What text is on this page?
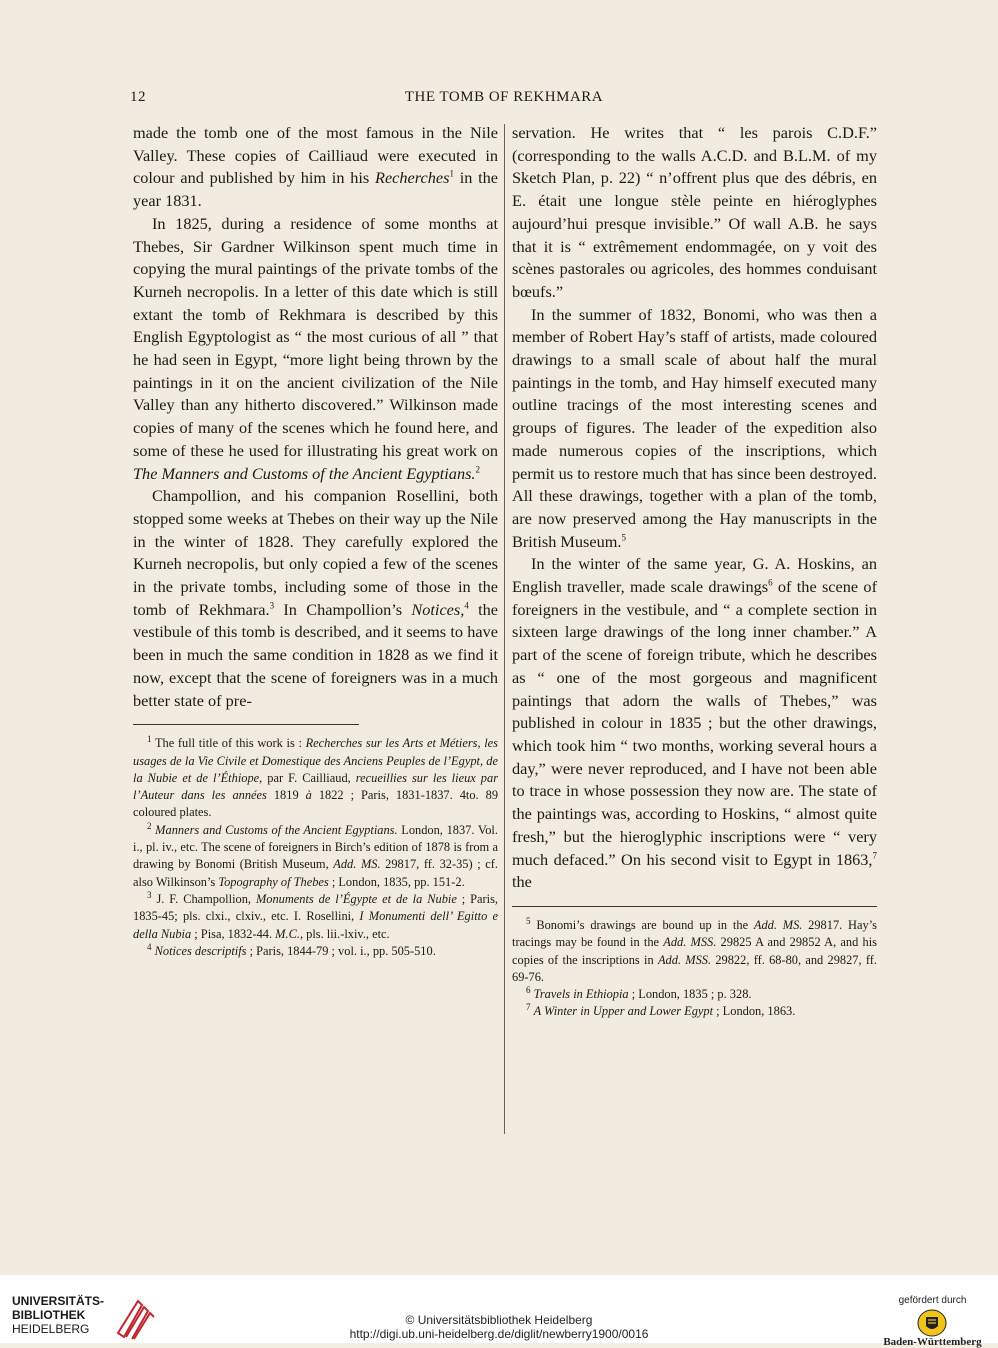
12	THE TOMB OF REKHMARA

made the tomb one of the most famous in the Nile Valley. These copies of Cailliaud were executed in colour and published by him in his Recherches$^1$ in the year 1831.

In 1825, during a residence of some months at Thebes, Sir Gardner Wilkinson spent much time in copying the mural paintings of the private tombs of the Kurneh necropolis. In a letter of this date which is still extant the tomb of Rekhmara is described by this English Egyptologist as “ the most curious of all ” that he had seen in Egypt, “more light being thrown by the paintings in it on the ancient civilization of the Nile Valley than any hitherto discovered.” Wilkinson made copies of many of the scenes which he found here, and some of these he used for illustrating his great work on The Manners and Customs of the Ancient Egyptians.$^2$

Champollion, and his companion Rosellini, both stopped some weeks at Thebes on their way up the Nile in the winter of 1828. They carefully explored the Kurneh necropolis, but only copied a few of the scenes in the private tombs, including some of those in the tomb of Rekhmara.$^3$ In Champollion’s Notices,$^4$ the vestibule of this tomb is described, and it seems to have been in much the same condition in 1828 as we find it now, except that the scene of foreigners was in a much better state of pre-

$^1$ The full title of this work is : Recherches sur les Arts et Métiers, les usages de la Vie Civile et Domestique des Anciens Peuples de l’Egypt, de la Nubie et de l’Éthiope, par F. Cailliaud, recueillies sur les lieux par l’Auteur dans les années 1819 à 1822 ; Paris, 1831-1837. 4to. 89 coloured plates.

$^2$ Manners and Customs of the Ancient Egyptians. London, 1837. Vol. i., pl. iv., etc. The scene of foreigners in Birch’s edition of 1878 is from a drawing by Bonomi (British Museum, Add. MS. 29817, ff. 32-35) ; cf. also Wilkinson’s Topography of Thebes ; London, 1835, pp. 151-2.

$^3$ J. F. Champollion, Monuments de l’Égypte et de la Nubie ; Paris, 1835-45; pls. clxi., clxiv., etc. I. Rosellini, I Monumenti dell’ Egitto e della Nubia ; Pisa, 1832-44. M.C., pls. lii.-lxiv., etc.

$^4$ Notices descriptifs ; Paris, 1844-79 ; vol. i., pp. 505-510.

servation. He writes that “ les parois C.D.F.” (corresponding to the walls A.C.D. and B.L.M. of my Sketch Plan, p. 22) “ n’offrent plus que des débris, en E. était une longue stèle peinte en hiéroglyphes aujourd’hui presque invisible.” Of wall A.B. he says that it is “ extrêmement endommagée, on y voit des scènes pastorales ou agricoles, des hommes conduisant bœufs.”

In the summer of 1832, Bonomi, who was then a member of Robert Hay’s staff of artists, made coloured drawings to a small scale of about half the mural paintings in the tomb, and Hay himself executed many outline tracings of the most interesting scenes and groups of figures. The leader of the expedition also made numerous copies of the inscriptions, which permit us to restore much that has since been destroyed. All these drawings, together with a plan of the tomb, are now preserved among the Hay manuscripts in the British Museum.$^5$

In the winter of the same year, G. A. Hoskins, an English traveller, made scale drawings$^6$ of the scene of foreigners in the vestibule, and “ a complete section in sixteen large drawings of the long inner chamber.” A part of the scene of foreign tribute, which he describes as “ one of the most gorgeous and magnificent paintings that adorn the walls of Thebes,” was published in colour in 1835 ; but the other drawings, which took him “ two months, working several hours a day,” were never reproduced, and I have not been able to trace in whose possession they now are. The state of the paintings was, according to Hoskins, “ almost quite fresh,” but the hieroglyphic inscriptions were “ very much defaced.” On his second visit to Egypt in 1863,$^7$ the

$^5$ Bonomi’s drawings are bound up in the Add. MS. 29817. Hay’s tracings may be found in the Add. MSS. 29825 A and 29852 A, and his copies of the inscriptions in Add. MSS. 29822, ff. 68-80, and 29827, ff. 69-76.

$^6$ Travels in Ethiopia ; London, 1835 ; p. 328.

$^7$ A Winter in Upper and Lower Egypt ; London, 1863.

UNIVERSITÄTS-
BIBLIOTHEK
HEIDELBERG
© Universitätsbibliothek Heidelberg
http://digi.ub.uni-heidelberg.de/diglit/newberry1900/0016
gefördert durch
Baden-Württemberg
